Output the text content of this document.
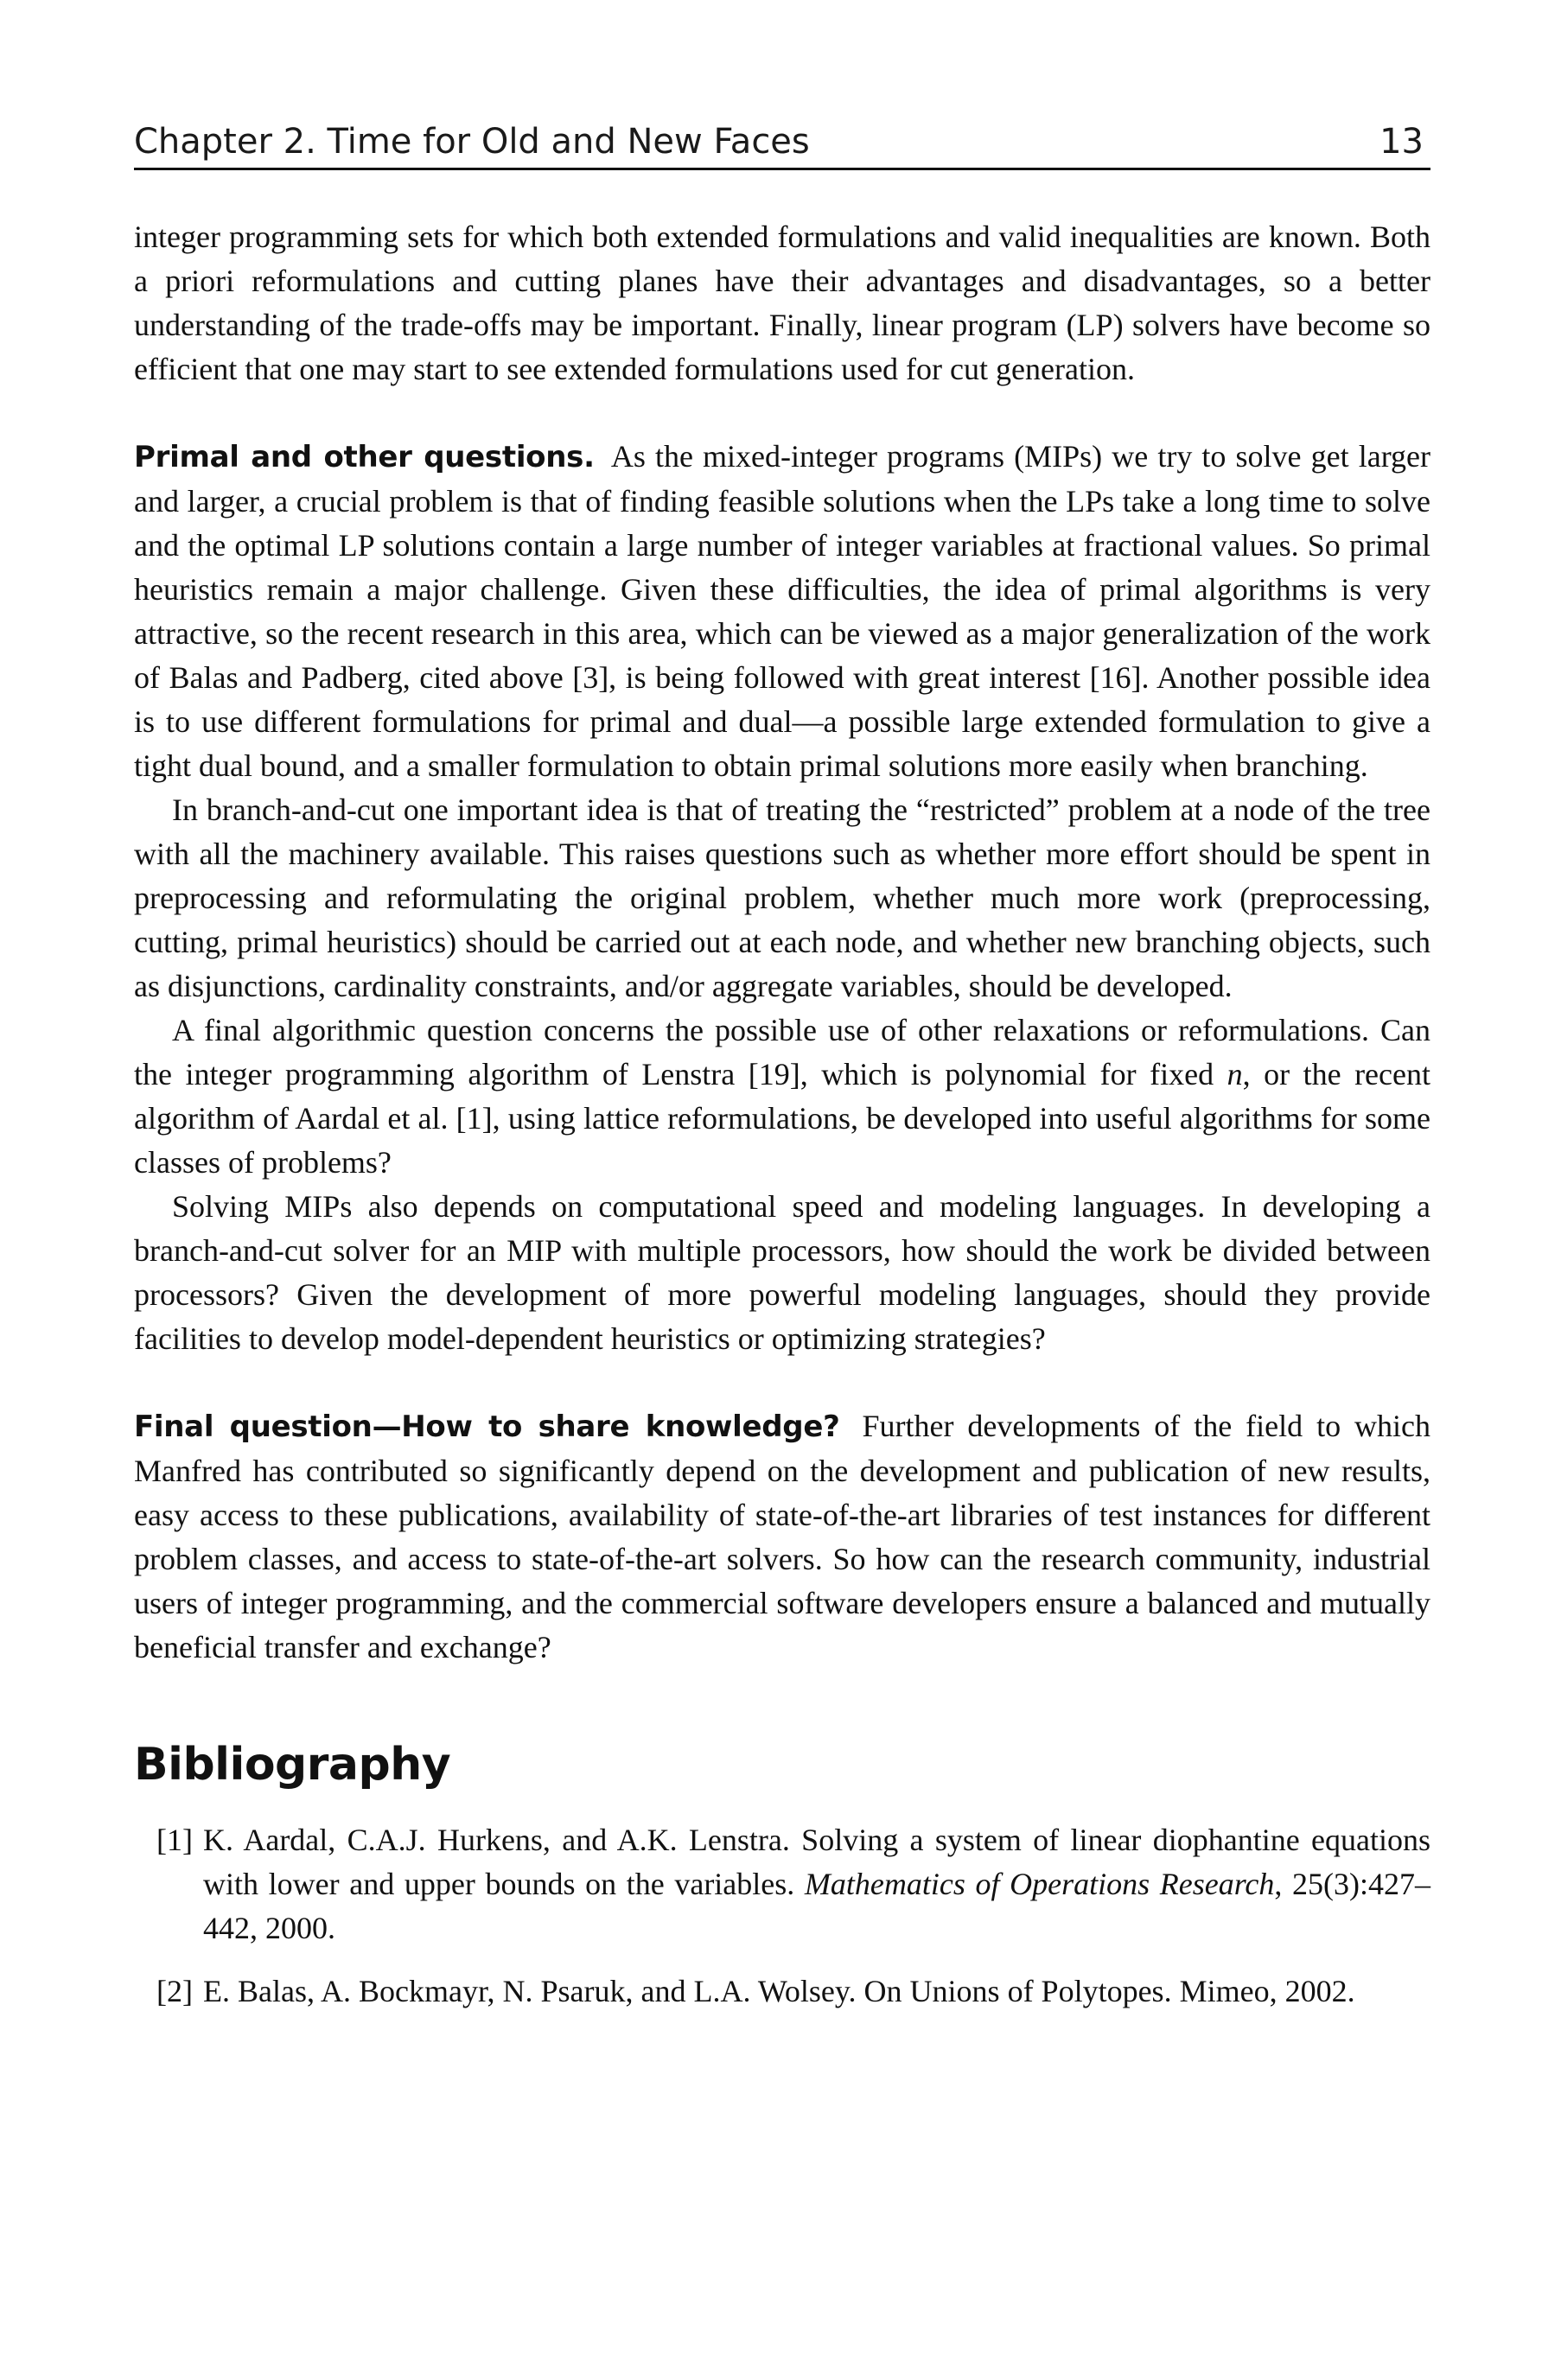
Chapter 2. Time for Old and New Faces	13

integer programming sets for which both extended formulations and valid inequalities are known. Both a priori reformulations and cutting planes have their advantages and disadvantages, so a better understanding of the trade-offs may be important. Finally, linear program (LP) solvers have become so efficient that one may start to see extended formulations used for cut generation.

Primal and other questions. As the mixed-integer programs (MIPs) we try to solve get larger and larger, a crucial problem is that of finding feasible solutions when the LPs take a long time to solve and the optimal LP solutions contain a large number of integer variables at fractional values. So primal heuristics remain a major challenge. Given these difficulties, the idea of primal algorithms is very attractive, so the recent research in this area, which can be viewed as a major generalization of the work of Balas and Padberg, cited above [3], is being followed with great interest [16]. Another possible idea is to use different formulations for primal and dual—a possible large extended formulation to give a tight dual bound, and a smaller formulation to obtain primal solutions more easily when branching.

In branch-and-cut one important idea is that of treating the “restricted” problem at a node of the tree with all the machinery available. This raises questions such as whether more effort should be spent in preprocessing and reformulating the original problem, whether much more work (preprocessing, cutting, primal heuristics) should be carried out at each node, and whether new branching objects, such as disjunctions, cardinality constraints, and/or aggregate variables, should be developed.

A final algorithmic question concerns the possible use of other relaxations or reformulations. Can the integer programming algorithm of Lenstra [19], which is polynomial for fixed n, or the recent algorithm of Aardal et al. [1], using lattice reformulations, be developed into useful algorithms for some classes of problems?

Solving MIPs also depends on computational speed and modeling languages. In developing a branch-and-cut solver for an MIP with multiple processors, how should the work be divided between processors? Given the development of more powerful modeling languages, should they provide facilities to develop model-dependent heuristics or optimizing strategies?

Final question—How to share knowledge? Further developments of the field to which Manfred has contributed so significantly depend on the development and publication of new results, easy access to these publications, availability of state-of-the-art libraries of test instances for different problem classes, and access to state-of-the-art solvers. So how can the research community, industrial users of integer programming, and the commercial software developers ensure a balanced and mutually beneficial transfer and exchange?

Bibliography
[1] K. Aardal, C.A.J. Hurkens, and A.K. Lenstra. Solving a system of linear diophantine equations with lower and upper bounds on the variables. Mathematics of Operations Research, 25(3):427–442, 2000.
[2] E. Balas, A. Bockmayr, N. Psaruk, and L.A. Wolsey. On Unions of Polytopes. Mimeo, 2002.
